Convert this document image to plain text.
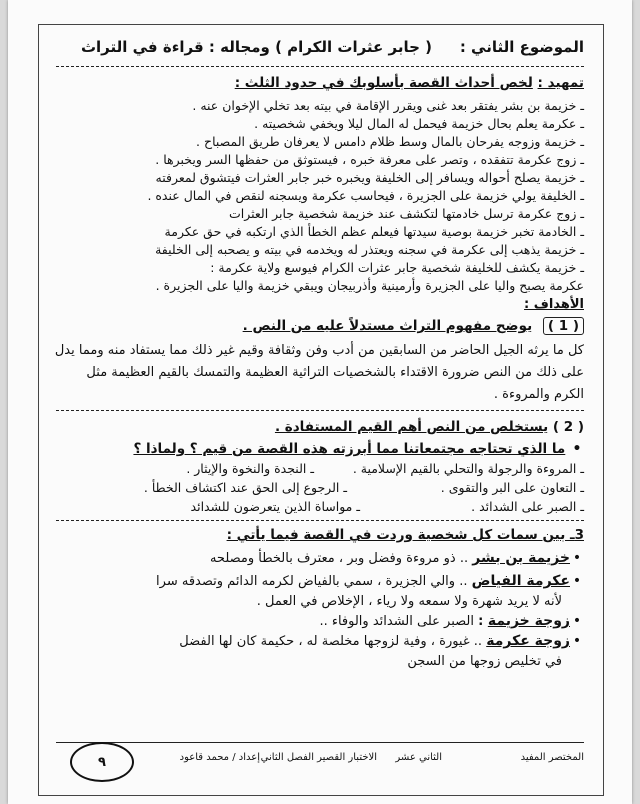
الموضوع الثاني :
( جابر عثرات الكرام ) ومجاله : قراءة في التراث
تمهيد : لخص أحداث القصة بأسلوبك في حدود الثلث :
ـ خزيمة بن بشر يفتقر بعد غنى ويقرر الإقامة في بيته بعد تخلي الإخوان عنه .
ـ عكرمة يعلم بحال خزيمة فيحمل له المال ليلا ويخفي شخصيته .
ـ خزيمة وزوجه يفرحان بالمال وسط ظلام دامس لا يعرفان طريق المصباح .
ـ زوج عكرمة تتفقده ، وتصر على معرفة خبره ، فيستوثق من حفظها السر ويخبرها .
ـ خزيمة يصلح أحواله ويسافر إلى الخليفة ويخبره خبر جابر العثرات فيتشوق لمعرفته
ـ الخليفة يولي خزيمة على الجزيرة ، فيحاسب عكرمة ويسجنه لنقص في المال عنده .
ـ زوج عكرمة ترسل خادمتها لتكشف عند خزيمة شخصية جابر العثرات
ـ الخادمة تخبر خزيمة بوصية سيدتها فيعلم عظم الخطأ الذي ارتكبه في حق عكرمة
ـ خزيمة يذهب إلى عكرمة في سجنه ويعتذر له ويخدمه في بيته و يصحبه إلى الخليفة
ـ خزيمة يكشف للخليفة شخصية جابر عثرات الكرام فيوسع ولاية عكرمة :
عكرمة يصبح واليا على الجزيرة وأرمينية وأذربيجان ويبقي خزيمة واليا على الجزيرة .
الأهداف :
( 1 ) يوضح مفهوم التراث مستدلاً عليه من النص .
كل ما يرثه الجيل الحاضر من السابقين من أدب وفن وثقافة وقيم غير ذلك مما يستفاد منه ومما يدل
على ذلك من النص ضرورة الاقتداء بالشخصيات التراثية العظيمة والتمسك بالقيم العظيمة مثل
الكرم والمروءة .
( 2 ) يستخلص من النص أهم القيم المستفادة .
• ما الذي تحتاجه مجتمعاتنا مما أبرزته هذه القصة من قيم ؟ ولماذا ؟
ـ المروءة والرجولة والتحلي بالقيم الإسلامية .
ـ النجدة والنخوة والإيثار .
ـ التعاون على البر والتقوى .
ـ الرجوع إلى الحق عند اكتشاف الخطأ .
ـ الصبر على الشدائد .
ـ مواساة الذين يتعرضون للشدائد
3ـ بين سمات كل شخصية وردت في القصة فيما يأتي :
•خزيمة بن بشر .. ذو مروءة وفضل وبر ، معترف بالخطأ ومصلحه
•عكرمة الفياض .. والي الجزيرة ، سمي بالفياض لكرمه الدائم وتصدقه سرا
لأنه لا يريد شهرة ولا سمعه ولا رياء ، الإخلاص في العمل .
•زوجة خزيمة : الصبر على الشدائد والوفاء ..
•زوجة عكرمة .. غيورة ، وفية لزوجها مخلصة له ، حكيمة كان لها الفضل
في تخليص زوجها من السجن
المختصر المفيد
الثاني عشر
الاختبار القصير الفصل الثاني
إعداد / محمد قاعود
٩
